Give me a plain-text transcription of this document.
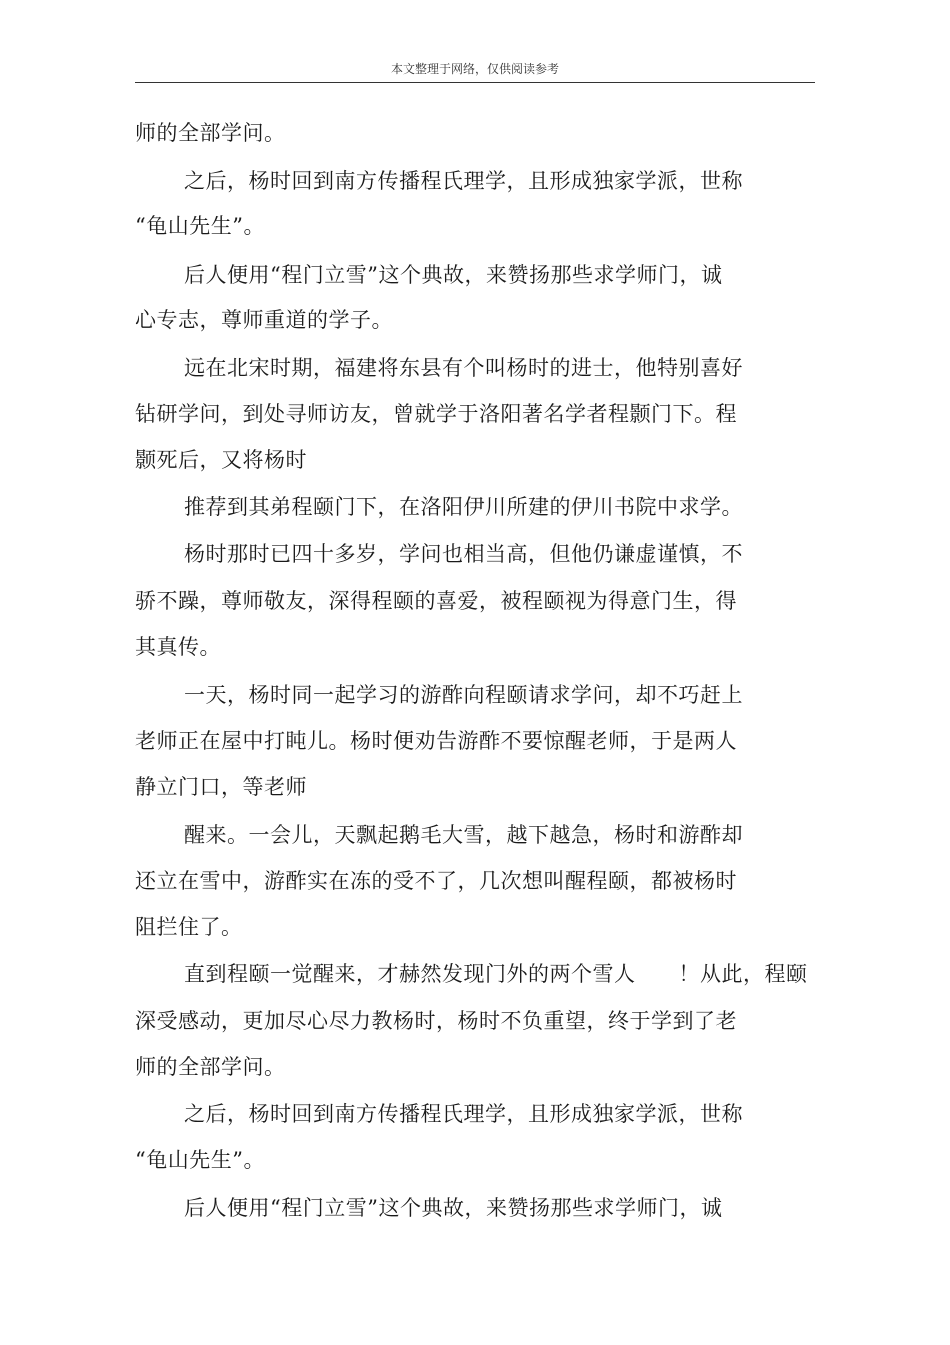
本文整理于网络，仅供阅读参考
师的全部学问。
之后，杨时回到南方传播程氏理学，且形成独家学派，世称
“龟山先生”。
后人便用“程门立雪”这个典故，来赞扬那些求学师门，诚
心专志，尊师重道的学子。
远在北宋时期，福建将东县有个叫杨时的进士，他特别喜好
钻研学问，到处寻师访友，曾就学于洛阳著名学者程颢门下。程
颢死后，又将杨时
推荐到其弟程颐门下，在洛阳伊川所建的伊川书院中求学。
杨时那时已四十多岁，学问也相当高，但他仍谦虚谨慎，不
骄不躁，尊师敬友，深得程颐的喜爱，被程颐视为得意门生，得
其真传。
一天，杨时同一起学习的游酢向程颐请求学问，却不巧赶上
老师正在屋中打盹儿。杨时便劝告游酢不要惊醒老师，于是两人
静立门口，等老师
醒来。一会儿，天飘起鹅毛大雪，越下越急，杨时和游酢却
还立在雪中，游酢实在冻的受不了，几次想叫醒程颐，都被杨时
阻拦住了。
直到程颐一觉醒来，才赫然发现门外的两个雪人　　！从此，程颐
深受感动，更加尽心尽力教杨时，杨时不负重望，终于学到了老
师的全部学问。
之后，杨时回到南方传播程氏理学，且形成独家学派，世称
“龟山先生”。
后人便用“程门立雪”这个典故，来赞扬那些求学师门，诚
